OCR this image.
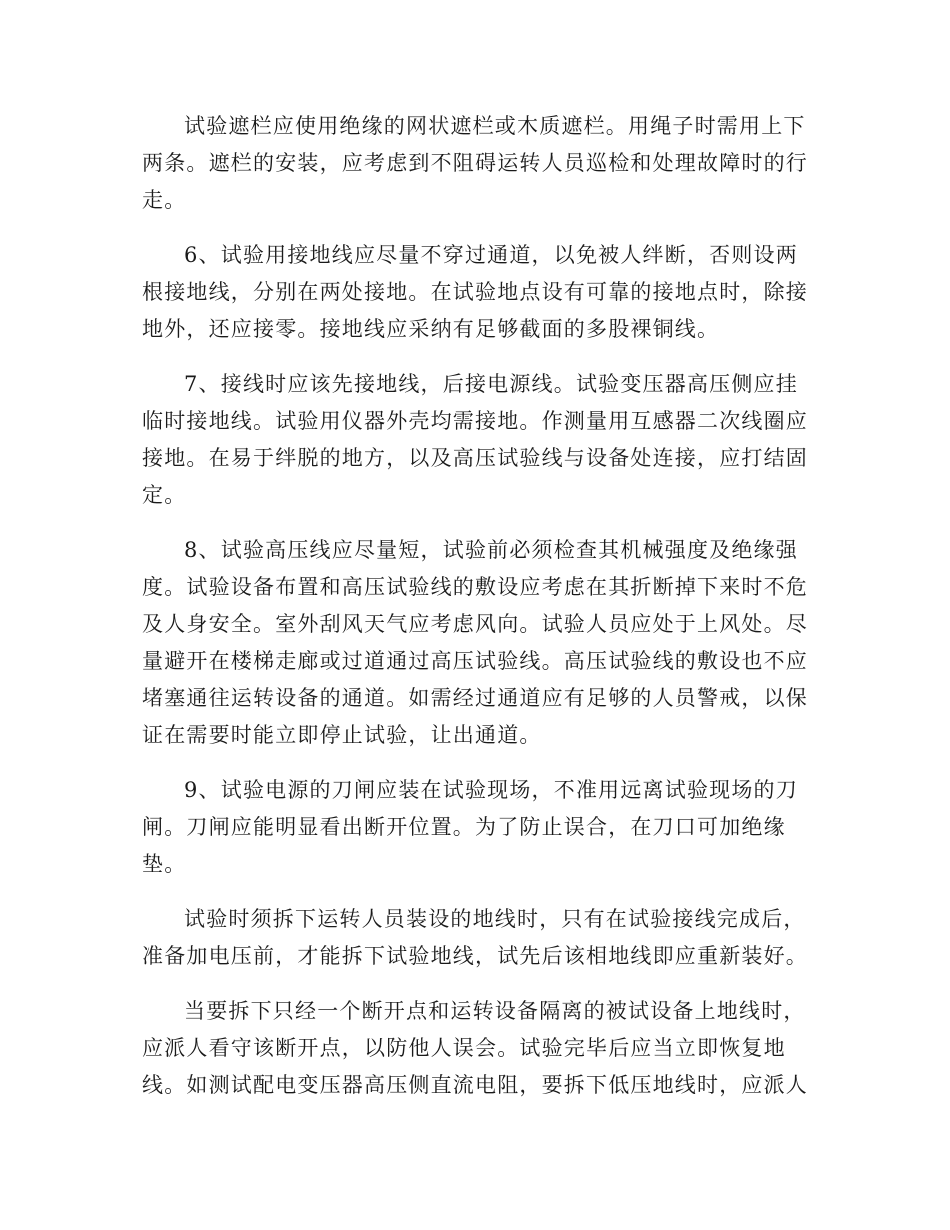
试验遮栏应使用绝缘的网状遮栏或木质遮栏。用绳子时需用上下两条。遮栏的安装，应考虑到不阻碍运转人员巡检和处理故障时的行走。

6、试验用接地线应尽量不穿过通道，以免被人绊断，否则设两根接地线，分别在两处接地。在试验地点设有可靠的接地点时，除接地外，还应接零。接地线应采纳有足够截面的多股裸铜线。

7、接线时应该先接地线，后接电源线。试验变压器高压侧应挂临时接地线。试验用仪器外壳均需接地。作测量用互感器二次线圈应接地。在易于绊脱的地方，以及高压试验线与设备处连接，应打结固定。

8、试验高压线应尽量短，试验前必须检查其机械强度及绝缘强度。试验设备布置和高压试验线的敷设应考虑在其折断掉下来时不危及人身安全。室外刮风天气应考虑风向。试验人员应处于上风处。尽量避开在楼梯走廊或过道通过高压试验线。高压试验线的敷设也不应堵塞通往运转设备的通道。如需经过通道应有足够的人员警戒，以保证在需要时能立即停止试验，让出通道。

9、试验电源的刀闸应装在试验现场，不准用远离试验现场的刀闸。刀闸应能明显看出断开位置。为了防止误合，在刀口可加绝缘垫。

试验时须拆下运转人员装设的地线时，只有在试验接线完成后，准备加电压前，才能拆下试验地线，试先后该相地线即应重新装好。

当要拆下只经一个断开点和运转设备隔离的被试设备上地线时，应派人看守该断开点，以防他人误会。试验完毕后应当立即恢复地线。如测试配电变压器高压侧直流电阻，要拆下低压地线时，应派人
